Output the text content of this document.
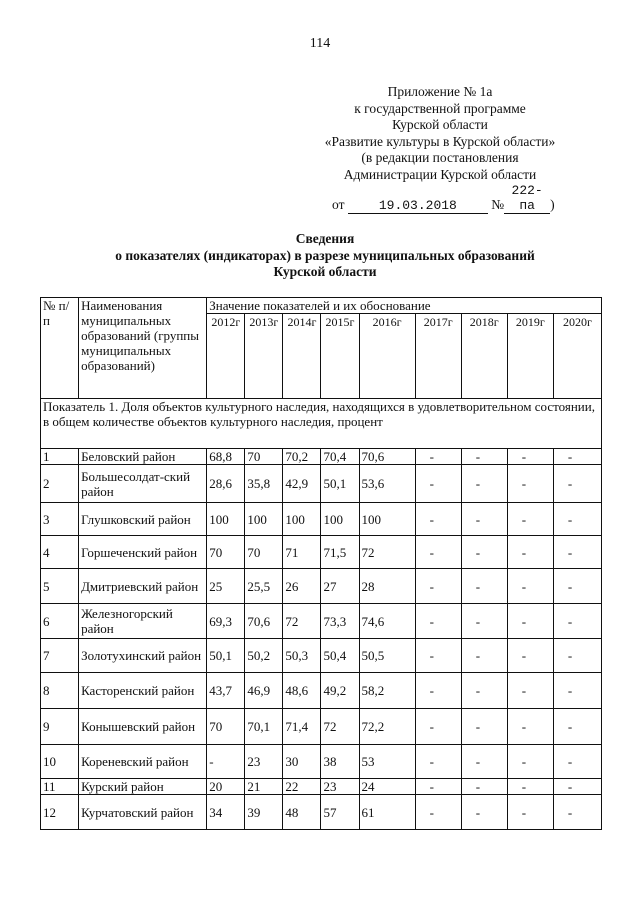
114
Приложение № 1а
к государственной программе
Курской области
«Развитие культуры в Курской области»
(в редакции постановления
Администрации Курской области
от	19.03.2018	№222-па )
Сведения
о показателях (индикаторах) в разрезе муниципальных образований
Курской области
№ п/п	Наименования муниципальных образований (группы муниципальных образований)	Значение показателей и их обоснование								
		2012г	2013г	2014г	2015г	2016г	2017г	2018г	2019г	2020г
Показатель 1. Доля объектов культурного наследия, находящихся в удовлетворительном состоянии, в общем количестве объектов культурного наследия, процент										
1	Беловский район	68,8	70	70,2	70,4	70,6	-	-	-	-
2	Большесолдат-ский район	28,6	35,8	42,9	50,1	53,6	-	-	-	-
3	Глушковский район	100	100	100	100	100	-	-	-	-
4	Горшеченский район	70	70	71	71,5	72	-	-	-	-
5	Дмитриевский район	25	25,5	26	27	28	-	-	-	-
6	Железногорский район	69,3	70,6	72	73,3	74,6	-	-	-	-
7	Золотухинский район	50,1	50,2	50,3	50,4	50,5	-	-	-	-
8	Касторенский район	43,7	46,9	48,6	49,2	58,2	-	-	-	-
9	Конышевский район	70	70,1	71,4	72	72,2	-	-	-	-
10	Кореневский район	-	23	30	38	53	-	-	-	-
11	Курский район	20	21	22	23	24	-	-	-	-
12	Курчатовский район	34	39	48	57	61	-	-	-	-
